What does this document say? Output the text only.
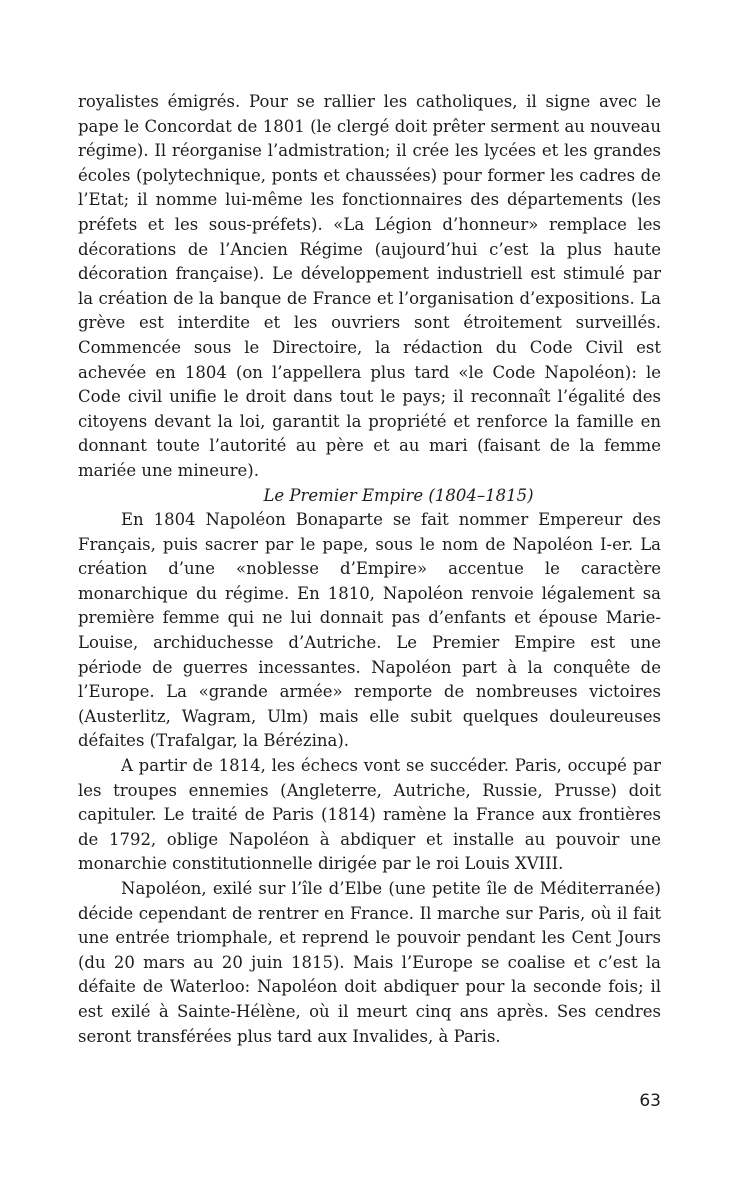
royalistes émigrés. Pour se rallier les catholiques, il signe avec le pape le Concordat de 1801 (le clergé doit prêter serment au nouveau régime). Il réorganise l’admistration; il crée les lycées et les grandes écoles (polytechnique, ponts et chaussées) pour former les cadres de l’Etat; il nomme lui-même les fonctionnaires des départements (les préfets et les sous-préfets). «La Légion d’honneur» remplace les décorations de l’Ancien Régime (aujourd’hui c’est la plus haute décoration française). Le développement industriell est stimulé par la création de la banque de France et l’organisation d’expositions. La grève est interdite et les ouvriers sont étroitement surveillés. Commencée sous le Directoire, la rédaction du Code Civil est achevée en 1804 (on l’appellera plus tard «le Code Napoléon): le Code civil unifie le droit dans tout le pays; il reconnaît l’égalité des citoyens devant la loi, garantit la propriété et renforce la famille en donnant toute l’autorité au père et au mari (faisant de la femme mariée une mineure).

Le Premier Empire (1804–1815)

En 1804 Napoléon Bonaparte se fait nommer Empereur des Français, puis sacrer par le pape, sous le nom de Napoléon I-er. La création d’une «noblesse d’Empire» accentue le caractère monarchique du régime. En 1810, Napoléon renvoie légalement sa première femme qui ne lui donnait pas d’enfants et épouse Marie-Louise, archiduchesse d’Autriche. Le Premier Empire est une période de guerres incessantes. Napoléon part à la conquête de l’Europe. La «grande armée» remporte de nombreuses victoires (Austerlitz, Wagram, Ulm) mais elle subit quelques douleureuses défaites (Trafalgar, la Bérézina).

A partir de 1814, les échecs vont se succéder. Paris, occupé par les troupes ennemies (Angleterre, Autriche, Russie, Prusse) doit capituler. Le traité de Paris (1814) ramène la France aux frontières de 1792, oblige Napoléon à abdiquer et installe au pouvoir une monarchie constitutionnelle dirigée par le roi Louis XVIII.

Napoléon, exilé sur l’île d’Elbe (une petite île de Méditerranée) décide cependant de rentrer en France. Il marche sur Paris, où il fait une entrée triomphale, et reprend le pouvoir pendant les Cent Jours (du 20 mars au 20 juin 1815). Mais l’Europe se coalise et c’est la défaite de Waterloo: Napoléon doit abdiquer pour la seconde fois; il est exilé à Sainte-Hélène, où il meurt cinq ans après. Ses cendres seront transférées plus tard aux Invalides, à Paris.

63
